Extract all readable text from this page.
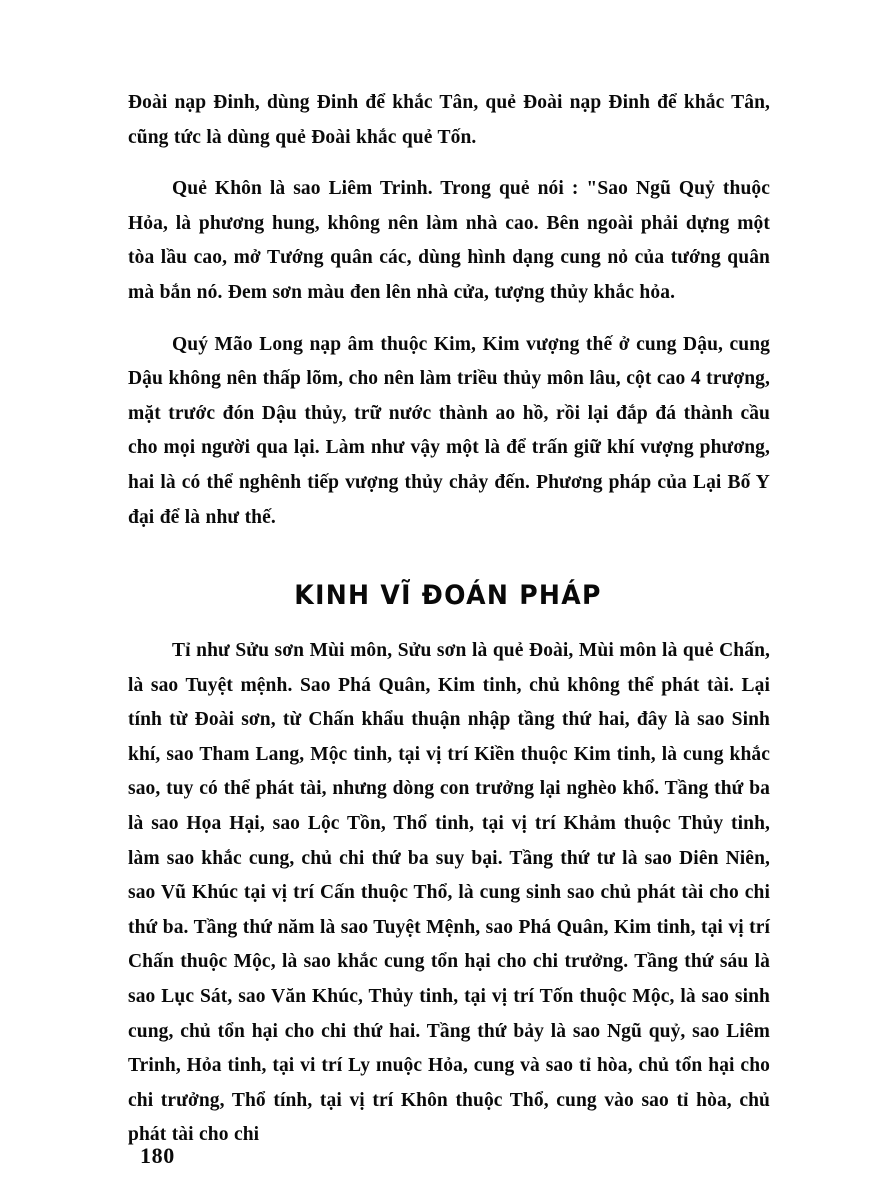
Đoài nạp Đinh, dùng Đinh để khắc Tân, quẻ Đoài nạp Đinh để khắc Tân, cũng tức là dùng quẻ Đoài khắc quẻ Tốn.

Quẻ Khôn là sao Liêm Trinh. Trong quẻ nói : "Sao Ngũ Quỷ thuộc Hỏa, là phương hung, không nên làm nhà cao. Bên ngoài phải dựng một tòa lầu cao, mở Tướng quân các, dùng hình dạng cung nỏ của tướng quân mà bắn nó. Đem sơn màu đen lên nhà cửa, tượng thủy khắc hỏa.

Quý Mão Long nạp âm thuộc Kim, Kim vượng thế ở cung Dậu, cung Dậu không nên thấp lõm, cho nên làm triều thủy môn lâu, cột cao 4 trượng, mặt trước đón Dậu thủy, trữ nước thành ao hồ, rồi lại đắp đá thành cầu cho mọi người qua lại. Làm như vậy một là để trấn giữ khí vượng phương, hai là có thể nghênh tiếp vượng thủy chảy đến. Phương pháp của Lại Bố Y đại để là như thế.

KINH VĨ ĐOÁN PHÁP

Tỉ như Sửu sơn Mùi môn, Sửu sơn là quẻ Đoài, Mùi môn là quẻ Chấn, là sao Tuyệt mệnh. Sao Phá Quân, Kim tinh, chủ không thể phát tài. Lại tính từ Đoài sơn, từ Chấn khẩu thuận nhập tầng thứ hai, đây là sao Sinh khí, sao Tham Lang, Mộc tinh, tại vị trí Kiền thuộc Kim tinh, là cung khắc sao, tuy có thể phát tài, nhưng dòng con trưởng lại nghèo khổ. Tầng thứ ba là sao Họa Hại, sao Lộc Tồn, Thổ tinh, tại vị trí Khảm thuộc Thủy tinh, làm sao khắc cung, chủ chi thứ ba suy bại. Tầng thứ tư là sao Diên Niên, sao Vũ Khúc tại vị trí Cấn thuộc Thổ, là cung sinh sao chủ phát tài cho chi thứ ba. Tầng thứ năm là sao Tuyệt Mệnh, sao Phá Quân, Kim tinh, tại vị trí Chấn thuộc Mộc, là sao khắc cung tổn hại cho chi trưởng. Tầng thứ sáu là sao Lục Sát, sao Văn Khúc, Thủy tinh, tại vị trí Tốn thuộc Mộc, là sao sinh cung, chủ tổn hại cho chi thứ hai. Tầng thứ bảy là sao Ngũ quỷ, sao Liêm Trinh, Hỏa tinh, tại vi trí Ly ɪnuộc Hỏa, cung và sao tỉ hòa, chủ tổn hại cho chi trưởng, Thổ tính, tại vị trí Khôn thuộc Thổ, cung vào sao tỉ hòa, chủ phát tài cho chi

180
